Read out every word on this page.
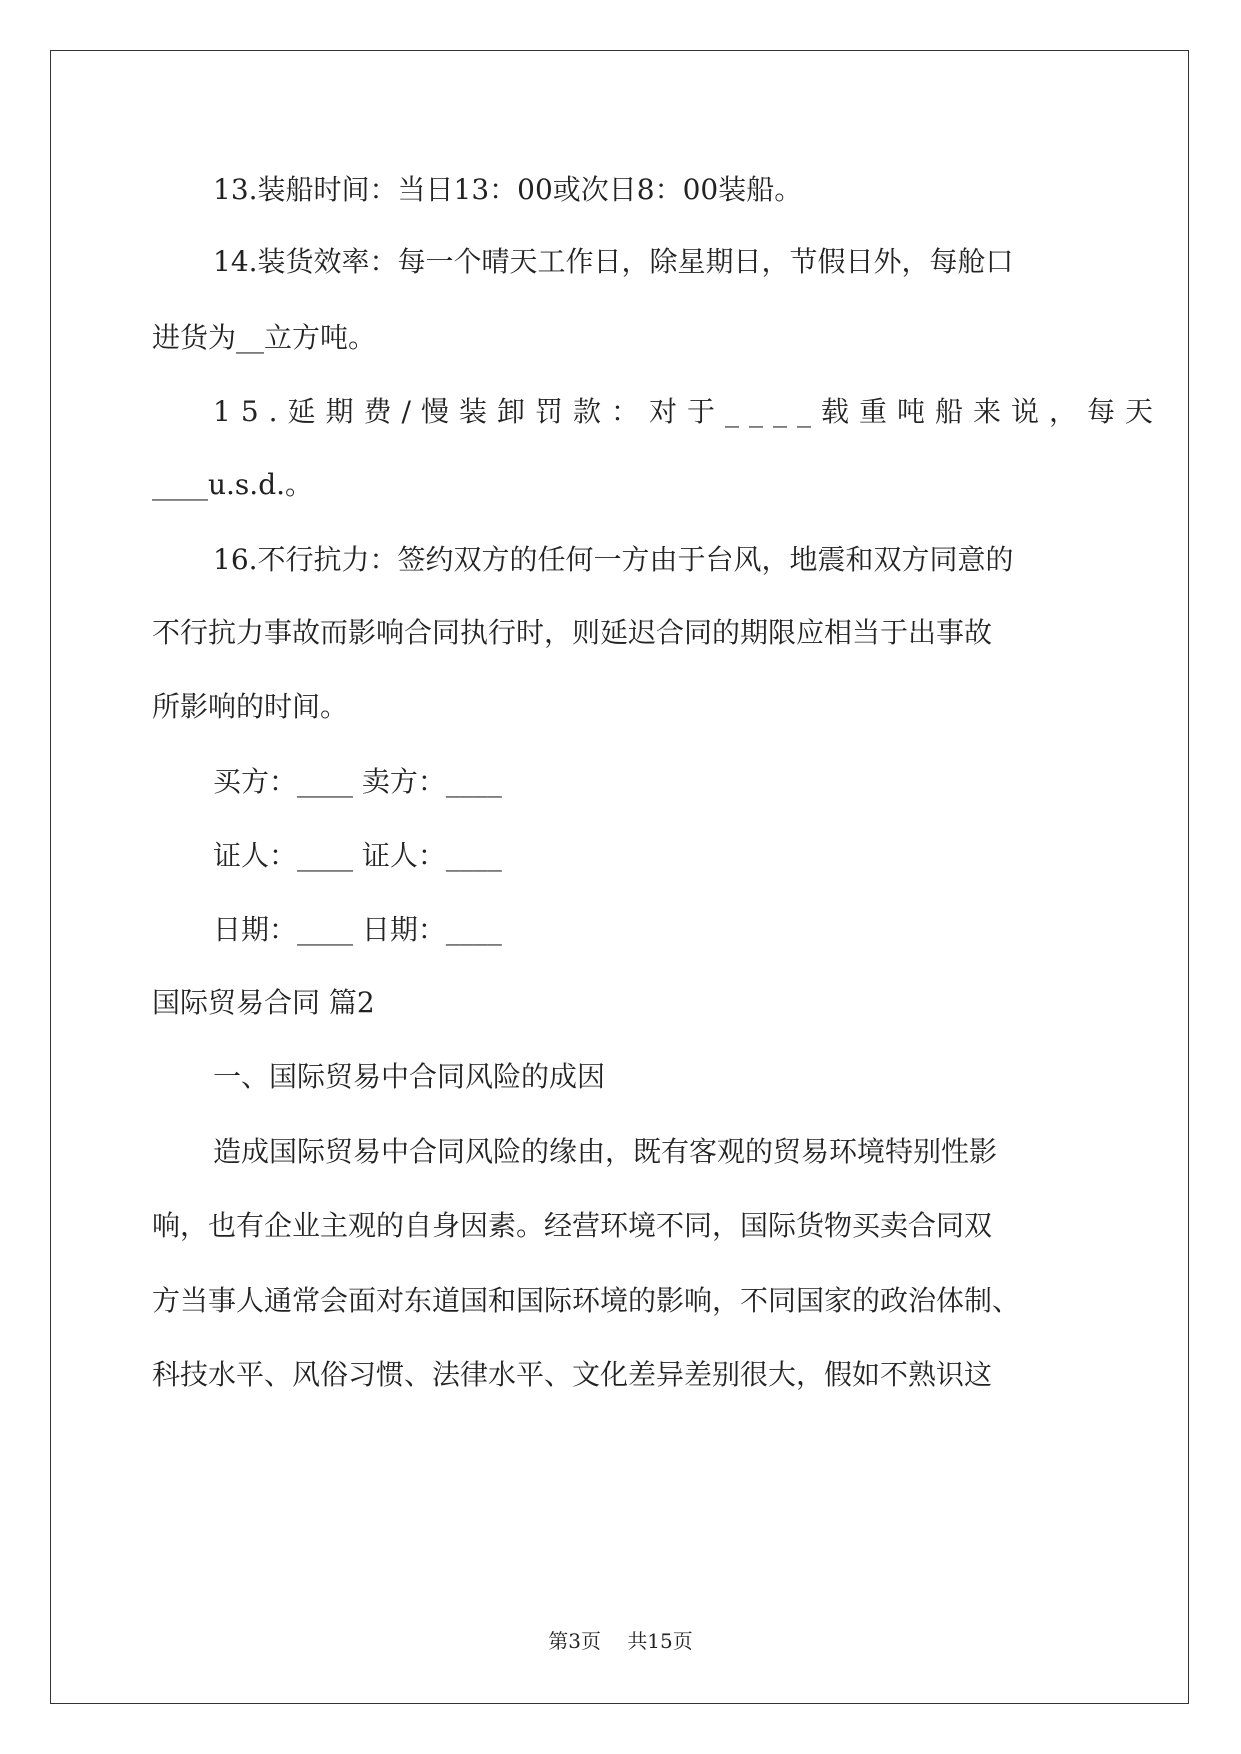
13.装船时间：当日13：00或次日8：00装船。
14.装货效率：每一个晴天工作日，除星期日，节假日外，每舱口
进货为__立方吨。
15.延期费/慢装卸罚款：对于____载重吨船来说，每天
____u.s.d.。
16.不行抗力：签约双方的任何一方由于台风，地震和双方同意的
不行抗力事故而影响合同执行时，则延迟合同的期限应相当于出事故
所影响的时间。
买方：____ 卖方：____
证人：____ 证人：____
日期：____ 日期：____
国际贸易合同 篇2
一、国际贸易中合同风险的成因
造成国际贸易中合同风险的缘由，既有客观的贸易环境特别性影
响，也有企业主观的自身因素。经营环境不同，国际货物买卖合同双
方当事人通常会面对东道国和国际环境的影响，不同国家的政治体制、
科技水平、风俗习惯、法律水平、文化差异差别很大，假如不熟识这
第3页 共15页
